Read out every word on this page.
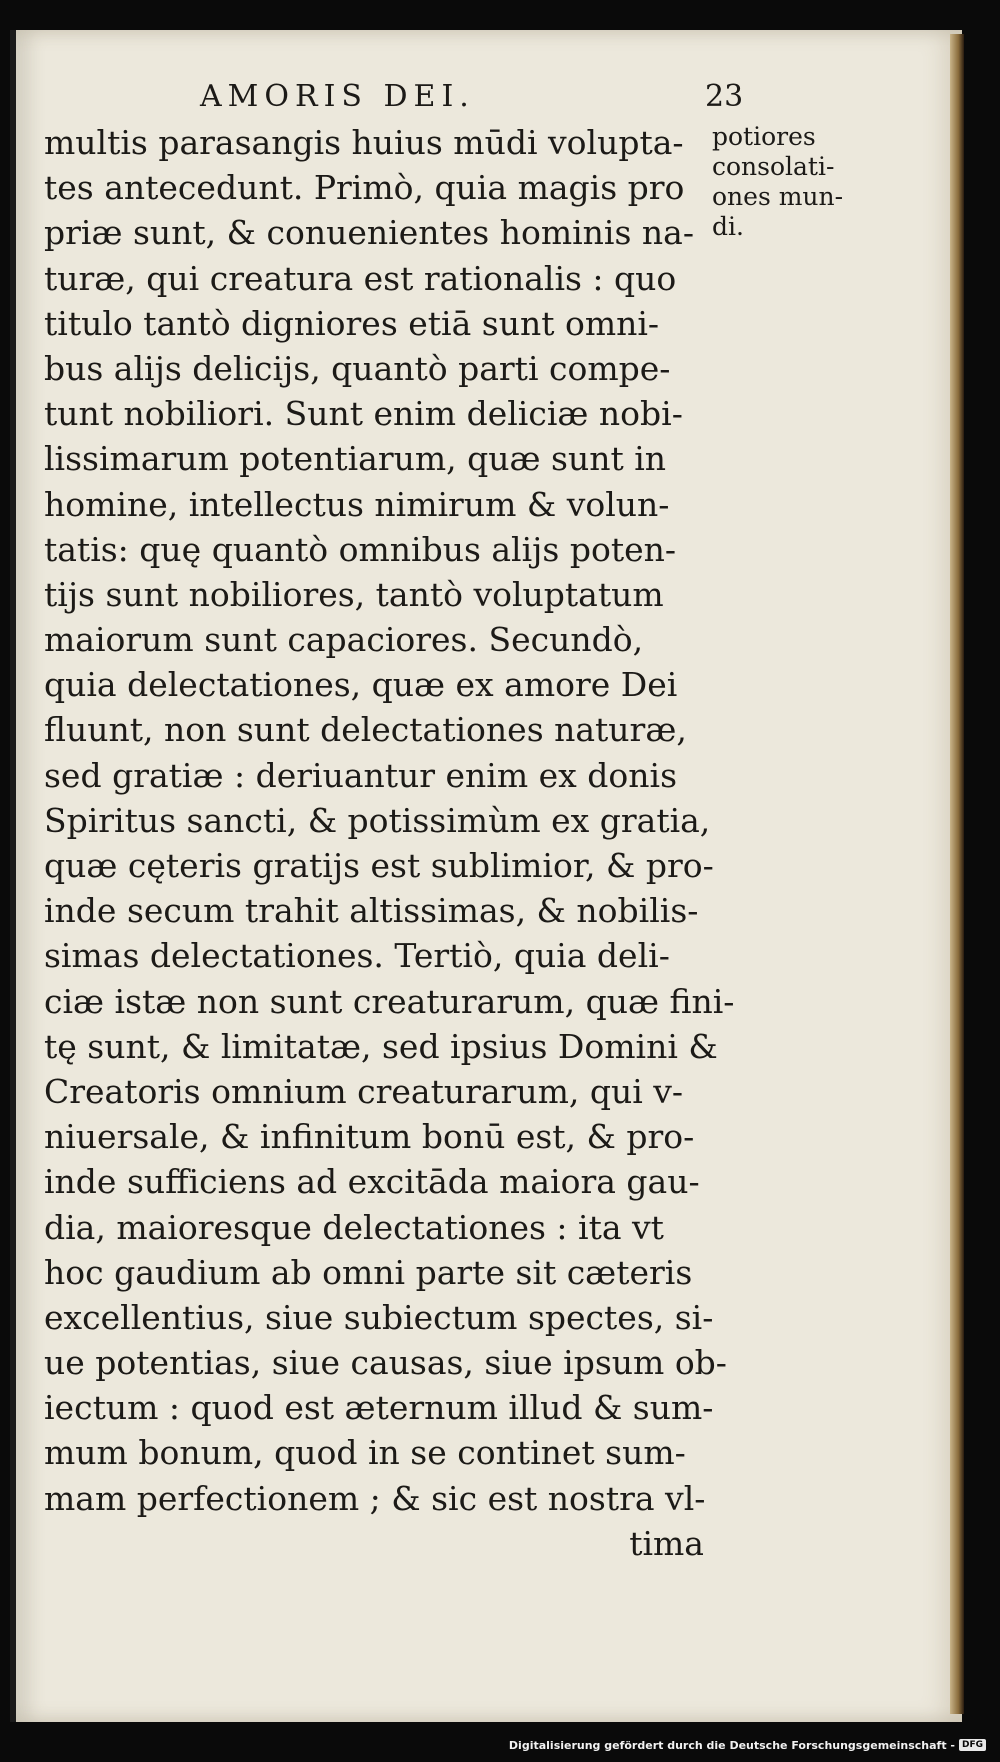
AMORIS DEI.	23
multis parasangis huius mūdi volupta-
tes antecedunt. Primò, quia magis pro
priæ sunt, & conuenientes hominis na-
turæ, qui creatura est rationalis : quo
titulo tantò digniores etiā sunt omni-
bus alijs delicijs, quantò parti compe-
tunt nobiliori. Sunt enim deliciæ nobi-
lissimarum potentiarum, quæ sunt in
homine, intellectus nimirum & volun-
tatis: quę quantò omnibus alijs poten-
tijs sunt nobiliores, tantò voluptatum
maiorum sunt capaciores. Secundò,
quia delectationes, quæ ex amore Dei
fluunt, non sunt delectationes naturæ,
sed gratiæ : deriuantur enim ex donis
Spiritus sancti, & potissimùm ex gratia,
quæ cęteris gratijs est sublimior, & pro-
inde secum trahit altissimas, & nobilis-
simas delectationes. Tertiò, quia deli-
ciæ istæ non sunt creaturarum, quæ fini-
tę sunt, & limitatæ, sed ipsius Domini &
Creatoris omnium creaturarum, qui v-
niuersale, & infinitum bonū est, & pro-
inde sufficiens ad excitāda maiora gau-
dia, maioresque delectationes : ita vt
hoc gaudium ab omni parte sit cæteris
excellentius, siue subiectum spectes, si-
ue potentias, siue causas, siue ipsum ob-
iectum : quod est æternum illud & sum-
mum bonum, quod in se continet sum-
mam perfectionem ; & sic est nostra vl-
tima
potiores
consolati-
ones mun-
di.
Digitalisierung gefördert durch die Deutsche Forschungsgemeinschaft - DFG
